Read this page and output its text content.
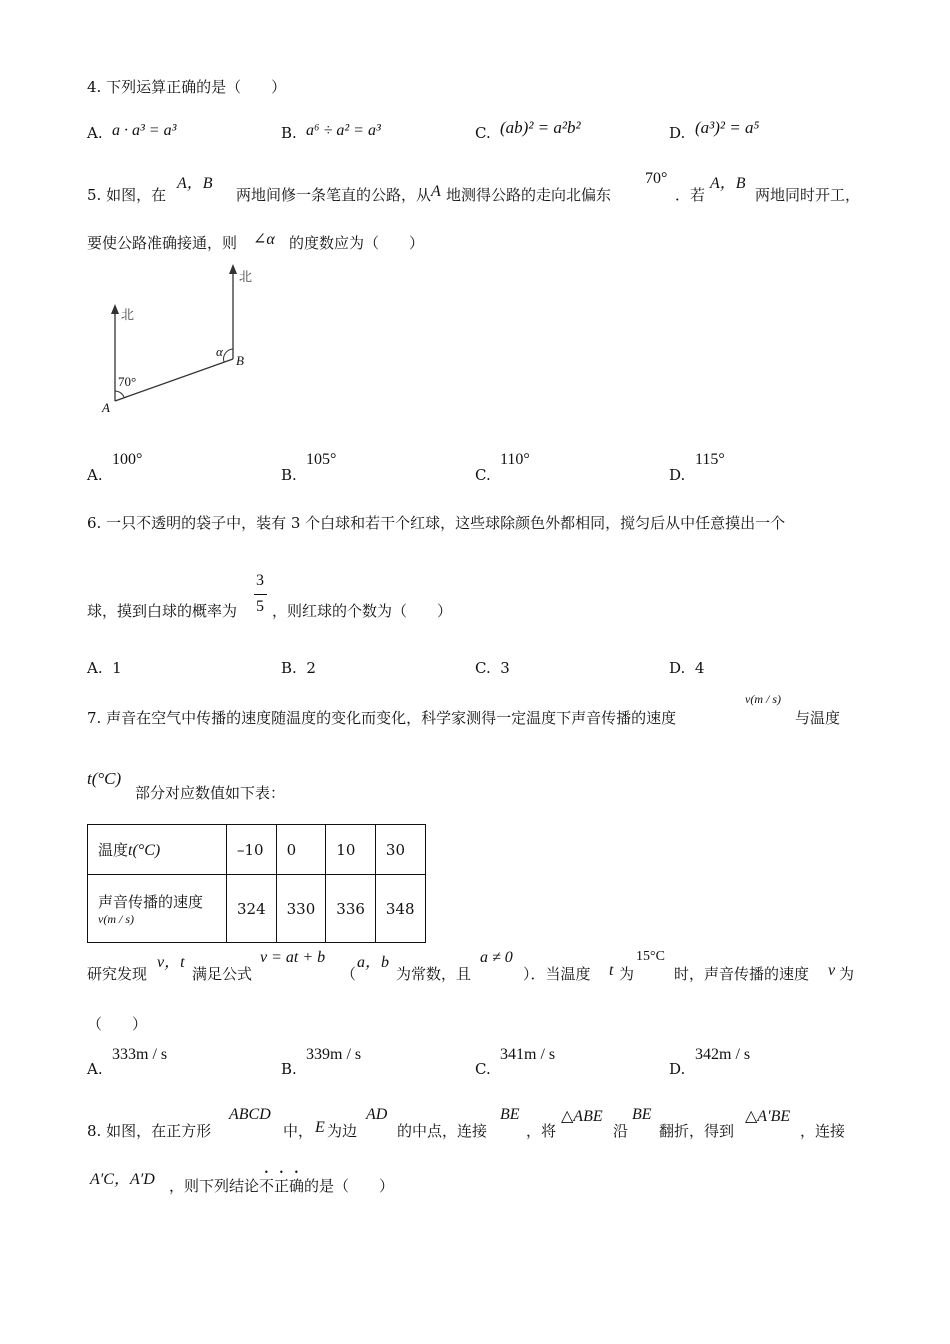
4. 下列运算正确的是（　　）
A. a · a³ = a³	B. a⁶ ÷ a² = a³	C. (ab)² = a²b²	D. (a³)² = a⁵
5. 如图，在
A，B
两地间修一条笔直的公路，从 A 地测得公路的走向北偏东
70°
．若
A，B
两地同时开工，
要使公路准确接通，则 ∠α 的度数应为（　　）
北
北
70°
A
B
α
A.
100°
B.
105°
C.
110°
D.
115°
6. 一只不透明的袋子中，装有 3 个白球和若干个红球，这些球除颜色外都相同，搅匀后从中任意摸出一个
球，摸到白球的概率为
3
5 ，则红球的个数为（　　）
A. 1	B. 2	C. 3	D. 4
7. 声音在空气中传播的速度随温度的变化而变化，科学家测得一定温度下声音传播的速度
v(m / s)
与温度
t(°C)
部分对应数值如下表：
温度t(°C)	–10	0	10	30

声音传播的速度
v(m / s)	324	330	336	348
研究发现
v，t
满足公式
v = at + b
（
a，b
为常数，且
a ≠ 0
）．当温度 t 为
15°C
时，声音传播的速度 v 为
（　　）
A.
333m / s
B.
339m / s
C.
341m / s
D.
342m / s
8. 如图，在正方形
ABCD
中， E 为边
AD
的中点，连接
BE
，将
△ABE
沿
BE
翻折，得到
△A′BE
，连接
A′C，A′D ，则下列结论不正确的是（　　）
